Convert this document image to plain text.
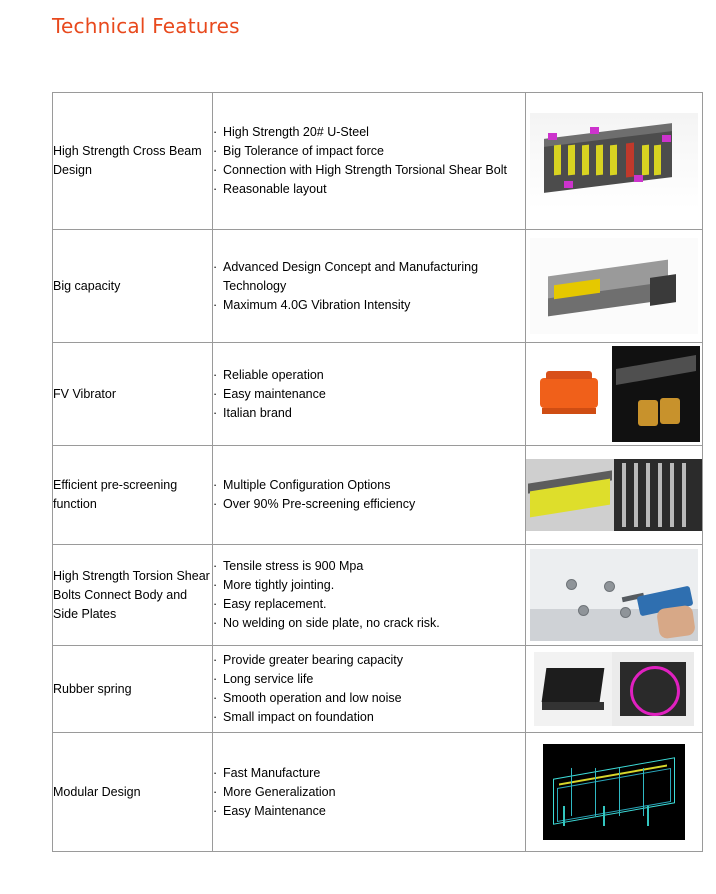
Technical Features
High Strength Cross Beam Design	
· High Strength 20# U-Steel
· Big Tolerance of impact force
· Connection with High Strength Torsional Shear Bolt
· Reasonable layout

Big capacity	
· Advanced Design Concept and Manufacturing Technology
· Maximum 4.0G Vibration Intensity

FV Vibrator	
· Reliable operation
· Easy maintenance
· Italian brand

Efficient pre-screening function	
· Multiple Configuration Options
· Over 90% Pre-screening efficiency

High Strength Torsion Shear Bolts Connect Body and Side Plates	
· Tensile stress is 900 Mpa
· More tightly jointing.
· Easy replacement.
· No welding on side plate, no crack risk.

Rubber spring	
· Provide greater bearing capacity
· Long service life
· Smooth operation and low noise
· Small impact on foundation

Modular Design	
· Fast Manufacture
· More Generalization
· Easy Maintenance
